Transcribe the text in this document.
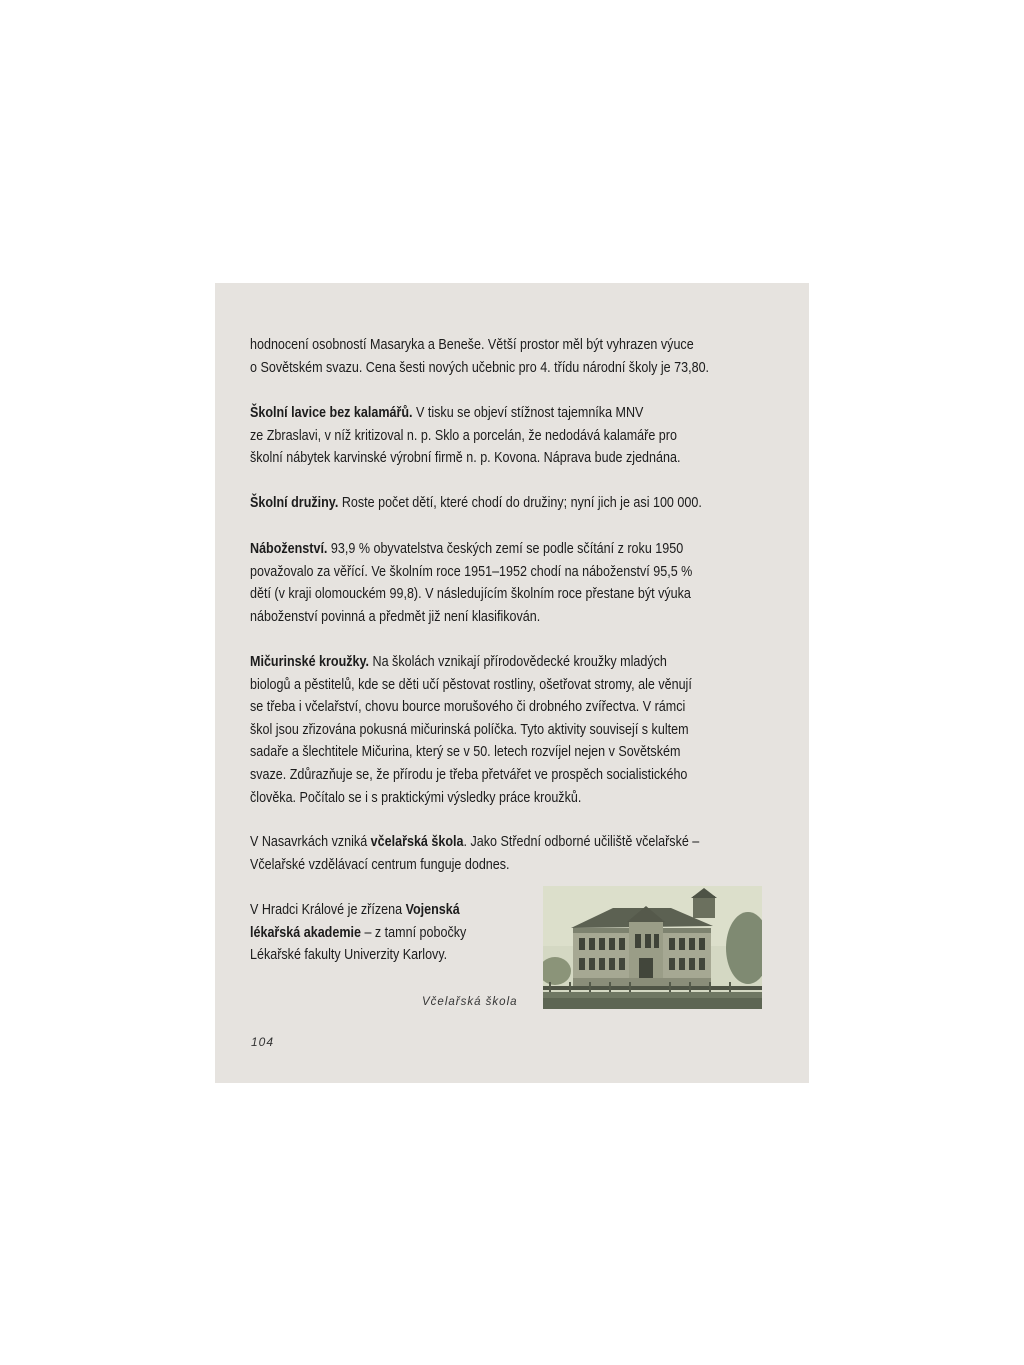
hodnocení osobností Masaryka a Beneše. Větší prostor měl být vyhrazen výuce

o Sovětském svazu. Cena šesti nových učebnic pro 4. třídu národní školy je 73,80.

Školní lavice bez kalamářů. V tisku se objeví stížnost tajemníka MNV

ze Zbraslavi, v níž kritizoval n. p. Sklo a porcelán, že nedodává kalamáře pro

školní nábytek karvinské výrobní firmě n. p. Kovona. Náprava bude zjednána.

Školní družiny. Roste počet dětí, které chodí do družiny; nyní jich je asi 100 000.

Náboženství. 93,9 % obyvatelstva českých zemí se podle sčítání z roku 1950

považovalo za věřící. Ve školním roce 1951–1952 chodí na náboženství 95,5 %

dětí (v kraji olomouckém 99,8). V následujícím školním roce přestane být výuka

náboženství povinná a předmět již není klasifikován.

Mičurinské kroužky. Na školách vznikají přírodovědecké kroužky mladých

biologů a pěstitelů, kde se děti učí pěstovat rostliny, ošetřovat stromy, ale věnují

se třeba i včelařství, chovu bource morušového či drobného zvířectva. V rámci

škol jsou zřizována pokusná mičurinská políčka. Tyto aktivity souvisejí s kultem

sadaře a šlechtitele Mičurina, který se v 50. letech rozvíjel nejen v Sovětském

svaze. Zdůrazňuje se, že přírodu je třeba přetvářet ve prospěch socialistického

člověka. Počítalo se i s praktickými výsledky práce kroužků.

V Nasavrkách vzniká včelařská škola. Jako Střední odborné učiliště včelařské –

Včelařské vzdělávací centrum funguje dodnes.

V Hradci Králové je zřízena Vojenská

lékařská akademie – z tamní pobočky

Lékařské fakulty Univerzity Karlovy.

Včelařská škola
104
